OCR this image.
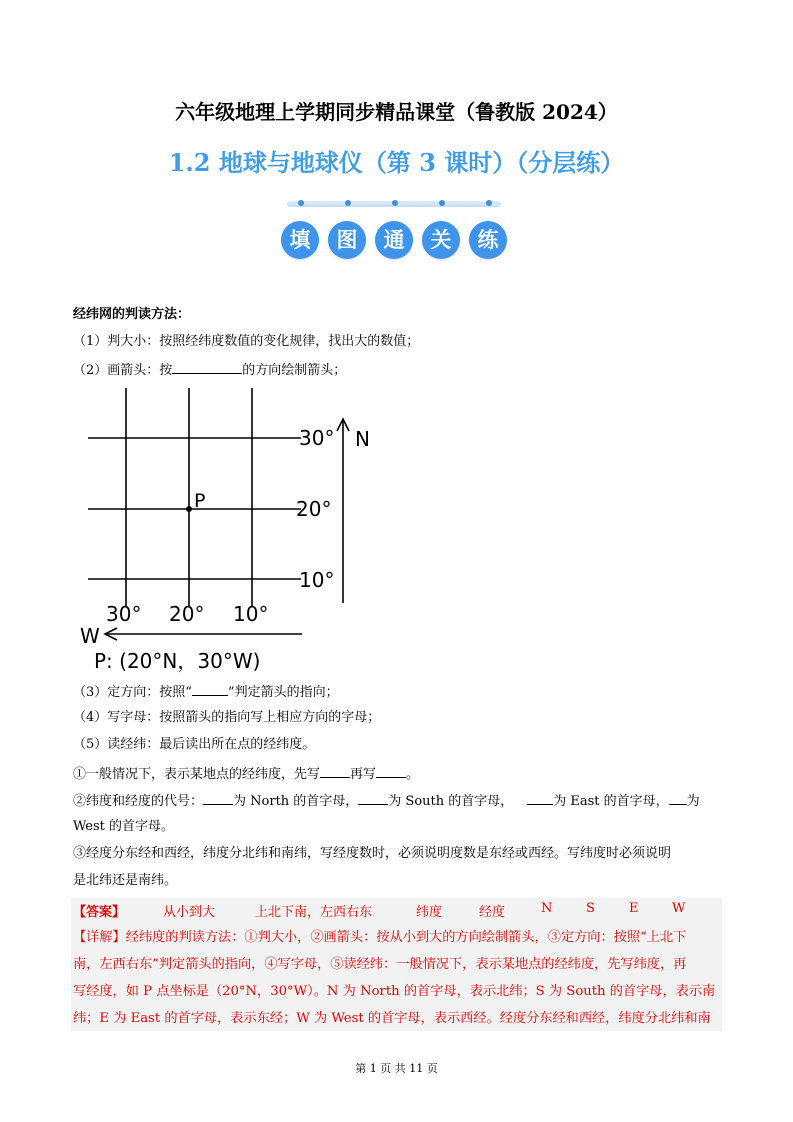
六年级地理上学期同步精品课堂（鲁教版 2024）
1.2 地球与地球仪（第 3 课时）（分层练）
填	图	通	关	练
经纬网的判读方法：
（1）判大小：按照经纬度数值的变化规律，找出大的数值；
（2）画箭头：按	的方向绘制箭头；
P
30°
20°
10°
N
30° 20° 10°
W
P: (20°N，30°W)
（3）定方向：按照“	”判定箭头的指向；
（4）写字母：按照箭头的指向写上相应方向的字母；
（5）读经纬：最后读出所在点的经纬度。
①一般情况下，表示某地点的经纬度，先写 再写 。
②纬度和经度的代号： 为 North 的首字母， 为 South 的首字母，	为 East 的首字母， 为
West 的首字母。
③经度分东经和西经，纬度分北纬和南纬，写经度数时，必须说明度数是东经或西经。写纬度时必须说明
是北纬还是南纬。
【答案】	从小到大	上北下南，左西右东	纬度	经度	N	S	E	W
【详解】经纬度的判读方法：①判大小，②画箭头：按从小到大的方向绘制箭头，③定方向：按照“上北下
南，左西右东”判定箭头的指向，④写字母，⑤读经纬：一般情况下，表示某地点的经纬度，先写纬度，再
写经度，如 P 点坐标是（20°N，30°W）。N 为 North 的首字母，表示北纬；S 为 South 的首字母，表示南
纬；E 为 East 的首字母，表示东经；W 为 West 的首字母，表示西经。经度分东经和西经，纬度分北纬和南
第 1 页 共 11 页
